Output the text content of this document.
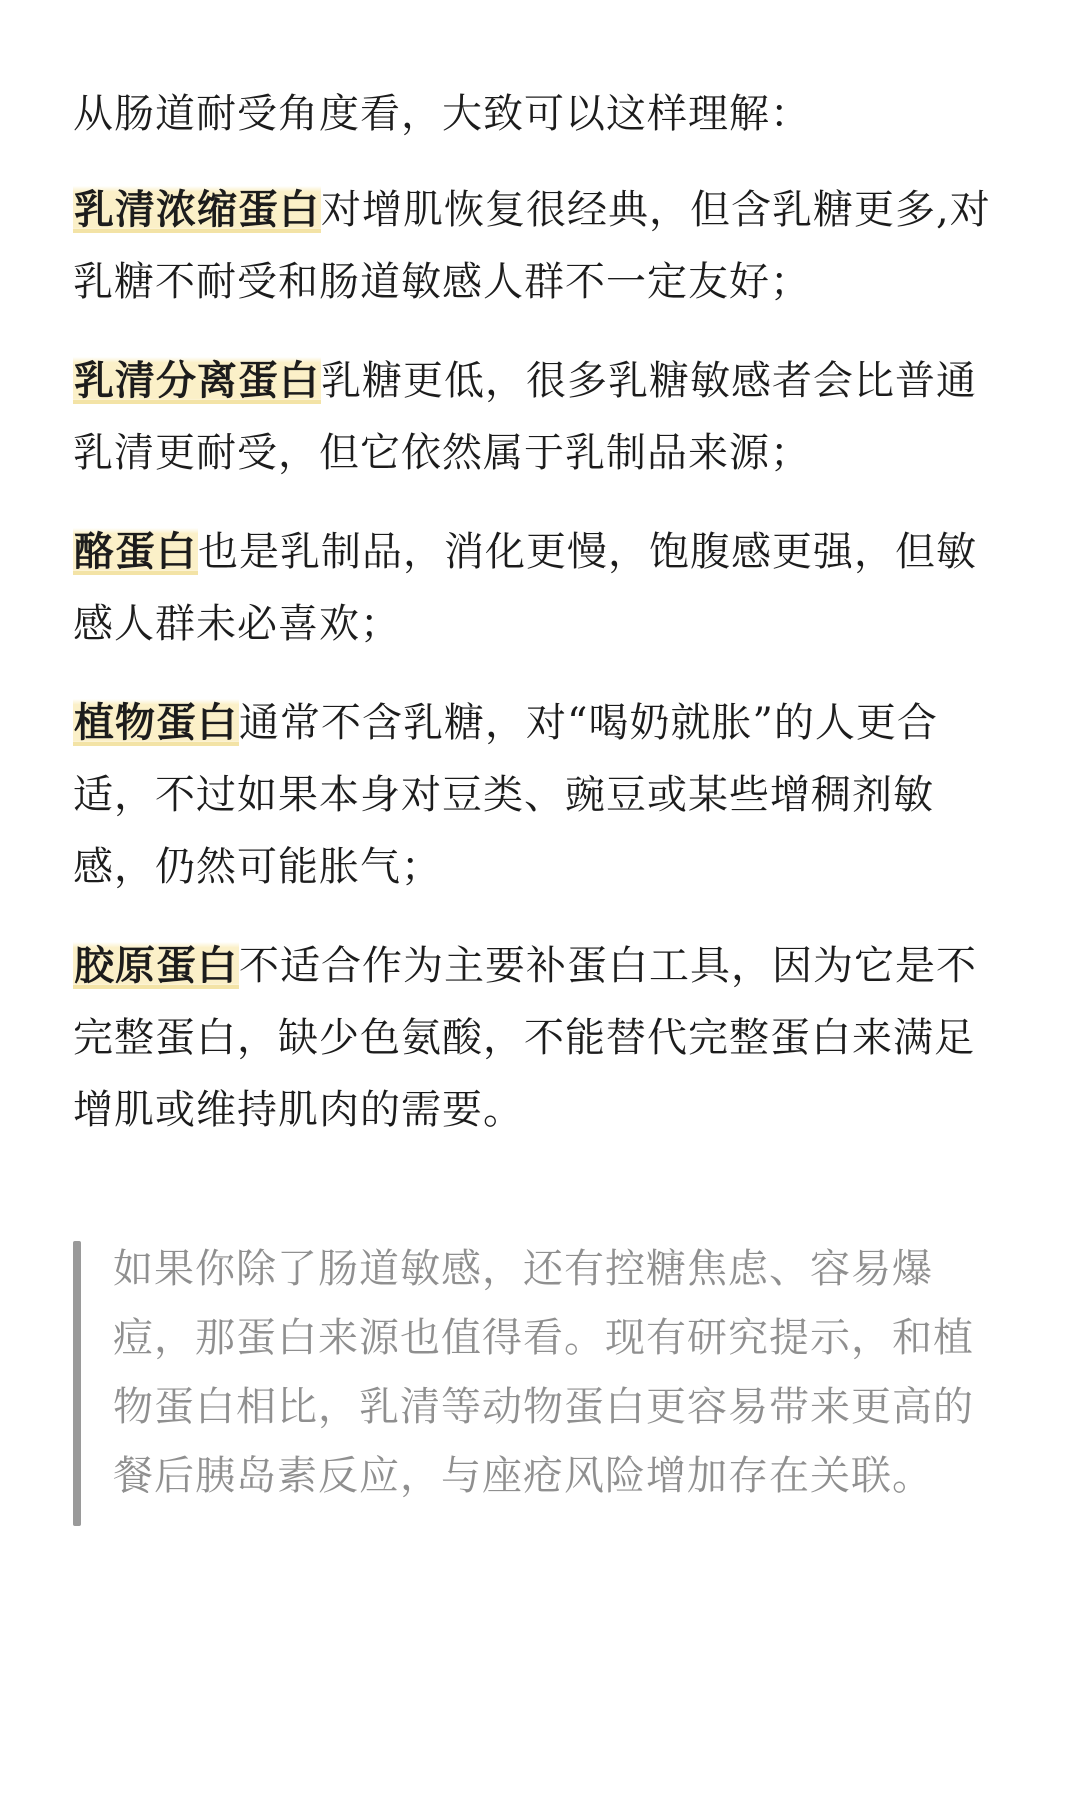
从肠道耐受角度看，大致可以这样理解：

乳清浓缩蛋白对增肌恢复很经典，但含乳糖更多,对乳糖不耐受和肠道敏感人群不一定友好；

乳清分离蛋白乳糖更低，很多乳糖敏感者会比普通乳清更耐受，但它依然属于乳制品来源；

酪蛋白也是乳制品，消化更慢，饱腹感更强，但敏感人群未必喜欢；

植物蛋白通常不含乳糖，对“喝奶就胀”的人更合适，不过如果本身对豆类、豌豆或某些增稠剂敏感，仍然可能胀气；

胶原蛋白不适合作为主要补蛋白工具，因为它是不完整蛋白，缺少色氨酸，不能替代完整蛋白来满足增肌或维持肌肉的需要。

如果你除了肠道敏感，还有控糖焦虑、容易爆痘，那蛋白来源也值得看。现有研究提示，和植物蛋白相比，乳清等动物蛋白更容易带来更高的餐后胰岛素反应，与座疮风险增加存在关联。
